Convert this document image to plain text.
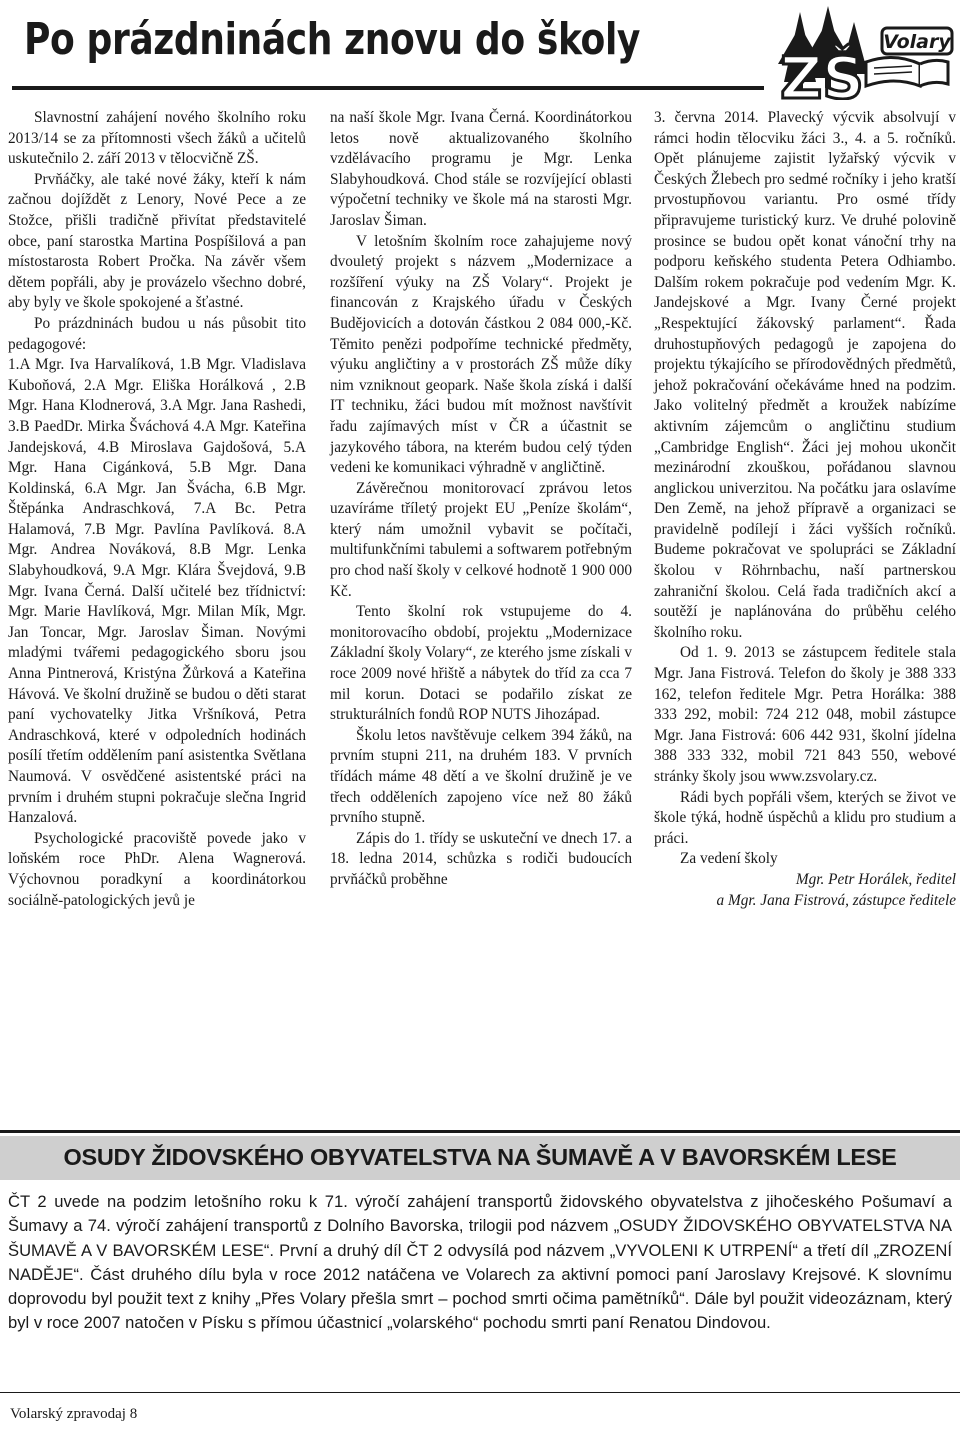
Po prázdninách znovu do školy	Volary
ZŠ

Slavnostní zahájení nového školního roku 2013/14 se za přítomnosti všech žáků a učitelů uskutečnilo 2. září 2013 v tělocvičně ZŠ.

Prvňáčky, ale také nové žáky, kteří k nám začnou dojíždět z Lenory, Nové Pece a ze Stožce, přišli tradičně přivítat představitelé obce, paní starostka Martina Pospíšilová a pan místostarosta Robert Pročka. Na závěr všem dětem popřáli, aby je provázelo všechno dobré, aby byly ve škole spokojené a šťastné.

Po prázdninách budou u nás působit tito pedagogové:

1.A Mgr. Iva Harvalíková, 1.B Mgr. Vladislava Kuboňová, 2.A Mgr. Eliška Horálková , 2.B Mgr. Hana Klodnerová, 3.A Mgr. Jana Rashedi, 3.B PaedDr. Mirka Šváchová 4.A Mgr. Kateřina Jandejsková, 4.B Miroslava Gajdošová, 5.A Mgr. Hana Cigánková, 5.B Mgr. Dana Koldinská, 6.A Mgr. Jan Švácha, 6.B Mgr. Štěpánka Andraschková, 7.A Bc. Petra Halamová, 7.B Mgr. Pavlína Pavlíková. 8.A Mgr. Andrea Nováková, 8.B Mgr. Lenka Slabyhoudková, 9.A Mgr. Klára Švejdová, 9.B Mgr. Ivana Černá. Další učitelé bez třídnictví: Mgr. Marie Havlíková, Mgr. Milan Mík, Mgr. Jan Toncar, Mgr. Jaroslav Šiman. Novými mladými tvářemi pedagogického sboru jsou Anna Pintnerová, Kristýna Žůrková a Kateřina Hávová. Ve školní družině se budou o děti starat paní vychovatelky Jitka Vršníková, Petra Andraschková, které v odpoledních hodinách posílí třetím oddělením paní asistentka Světlana Naumová. V osvědčené asistentské práci na prvním i druhém stupni pokračuje slečna Ingrid Hanzalová.

Psychologické pracoviště povede jako v loňském roce PhDr. Alena Wagnerová. Výchovnou poradkyní a koordinátorkou sociálně-patologických jevů je

na naší škole Mgr. Ivana Černá. Koordinátorkou letos nově aktualizovaného školního vzdělávacího programu je Mgr. Lenka Slabyhoudková. Chod stále se rozvíjející oblasti výpočetní techniky ve škole má na starosti Mgr. Jaroslav Šiman.

V letošním školním roce zahajujeme nový dvouletý projekt s názvem „Modernizace a rozšíření výuky na ZŠ Volary“. Projekt je financován z Krajského úřadu v Českých Budějovicích a dotován částkou 2 084 000,-Kč. Těmito penězi podpoříme technické předměty, výuku angličtiny a v prostorách ZŠ může díky nim vzniknout geopark. Naše škola získá i další IT techniku, žáci budou mít možnost navštívit řadu zajímavých míst v ČR a účastnit se jazykového tábora, na kterém budou celý týden vedeni ke komunikaci výhradně v angličtině.

Závěrečnou monitorovací zprávou letos uzavíráme tříletý projekt EU „Peníze školám“, který nám umožnil vybavit se počítači, multifunkčními tabulemi a softwarem potřebným pro chod naší školy v celkové hodnotě 1 900 000 Kč.

Tento školní rok vstupujeme do 4. monitorovacího období, projektu „Modernizace Základní školy Volary“, ze kterého jsme získali v roce 2009 nové hřiště a nábytek do tříd za cca 7 mil korun. Dotaci se podařilo získat ze strukturálních fondů ROP NUTS Jihozápad.

Školu letos navštěvuje celkem 394 žáků, na prvním stupni 211, na druhém 183. V prvních třídách máme 48 dětí a ve školní družině je ve třech odděleních zapojeno více než 80 žáků prvního stupně.

Zápis do 1. třídy se uskuteční ve dnech 17. a 18. ledna 2014, schůzka s rodiči budoucích prvňáčků proběhne

3. června 2014. Plavecký výcvik absolvují v rámci hodin tělocviku žáci 3., 4. a 5. ročníků. Opět plánujeme zajistit lyžařský výcvik v Českých Žlebech pro sedmé ročníky i jeho kratší prvostupňovou variantu. Pro osmé třídy připravujeme turistický kurz. Ve druhé polovině prosince se budou opět konat vánoční trhy na podporu keňského studenta Petera Odhiambo. Dalším rokem pokračuje pod vedením Mgr. K. Jandejskové a Mgr. Ivany Černé projekt „Respektující žákovský parlament“. Řada druhostupňových pedagogů je zapojena do projektu týkajícího se přírodovědných předmětů, jehož pokračování očekáváme hned na podzim. Jako volitelný předmět a kroužek nabízíme aktivním zájemcům o angličtinu studium „Cambridge English“. Žáci jej mohou ukončit mezinárodní zkouškou, pořádanou slavnou anglickou univerzitou. Na počátku jara oslavíme Den Země, na jehož přípravě a organizaci se pravidelně podílejí i žáci vyšších ročníků. Budeme pokračovat ve spolupráci se Základní školou v Röhrnbachu, naší partnerskou zahraniční školou. Celá řada tradičních akcí a soutěží je naplánována do průběhu celého školního roku.

Od 1. 9. 2013 se zástupcem ředitele stala Mgr. Jana Fistrová. Telefon do školy je 388 333 162, telefon ředitele Mgr. Petra Horálka: 388 333 292, mobil: 724 212 048, mobil zástupce Mgr. Jana Fistrová: 606 442 931, školní jídelna 388 333 332, mobil 721 843 550, webové stránky školy jsou www.zsvolary.cz.

Rádi bych popřáli všem, kterých se život ve škole týká, hodně úspěchů a klidu pro studium a práci.

Za vedení školy

Mgr. Petr Horálek, ředitel

a Mgr. Jana Fistrová, zástupce ředitele

OSUDY ŽIDOVSKÉHO OBYVATELSTVA NA ŠUMAVĚ A V BAVORSKÉM LESE

ČT 2 uvede na podzim letošního roku k 71. výročí zahájení transportů židovského obyvatelstva z jihočeského Pošumaví a Šumavy a 74. výročí zahájení transportů z Dolního Bavorska, trilogii pod názvem „OSUDY ŽIDOVSKÉHO OBYVATELSTVA NA ŠUMAVĚ A V BAVORSKÉM LESE“. První a druhý díl ČT 2 odvysílá pod názvem „VYVOLENI K UTRPENÍ“ a třetí díl „ZROZENÍ NADĚJE“. Část druhého dílu byla v roce 2012 natáčena ve Volarech za aktivní pomoci paní Jaroslavy Krejsové. K slovnímu doprovodu byl použit text z knihy „Přes Volary přešla smrt – pochod smrti očima pamětníků“. Dále byl použit videozáznam, který byl v roce 2007 natočen v Písku s přímou účastnicí „volarského“ pochodu smrti paní Renatou Dindovou.

Volarský zpravodaj 8
